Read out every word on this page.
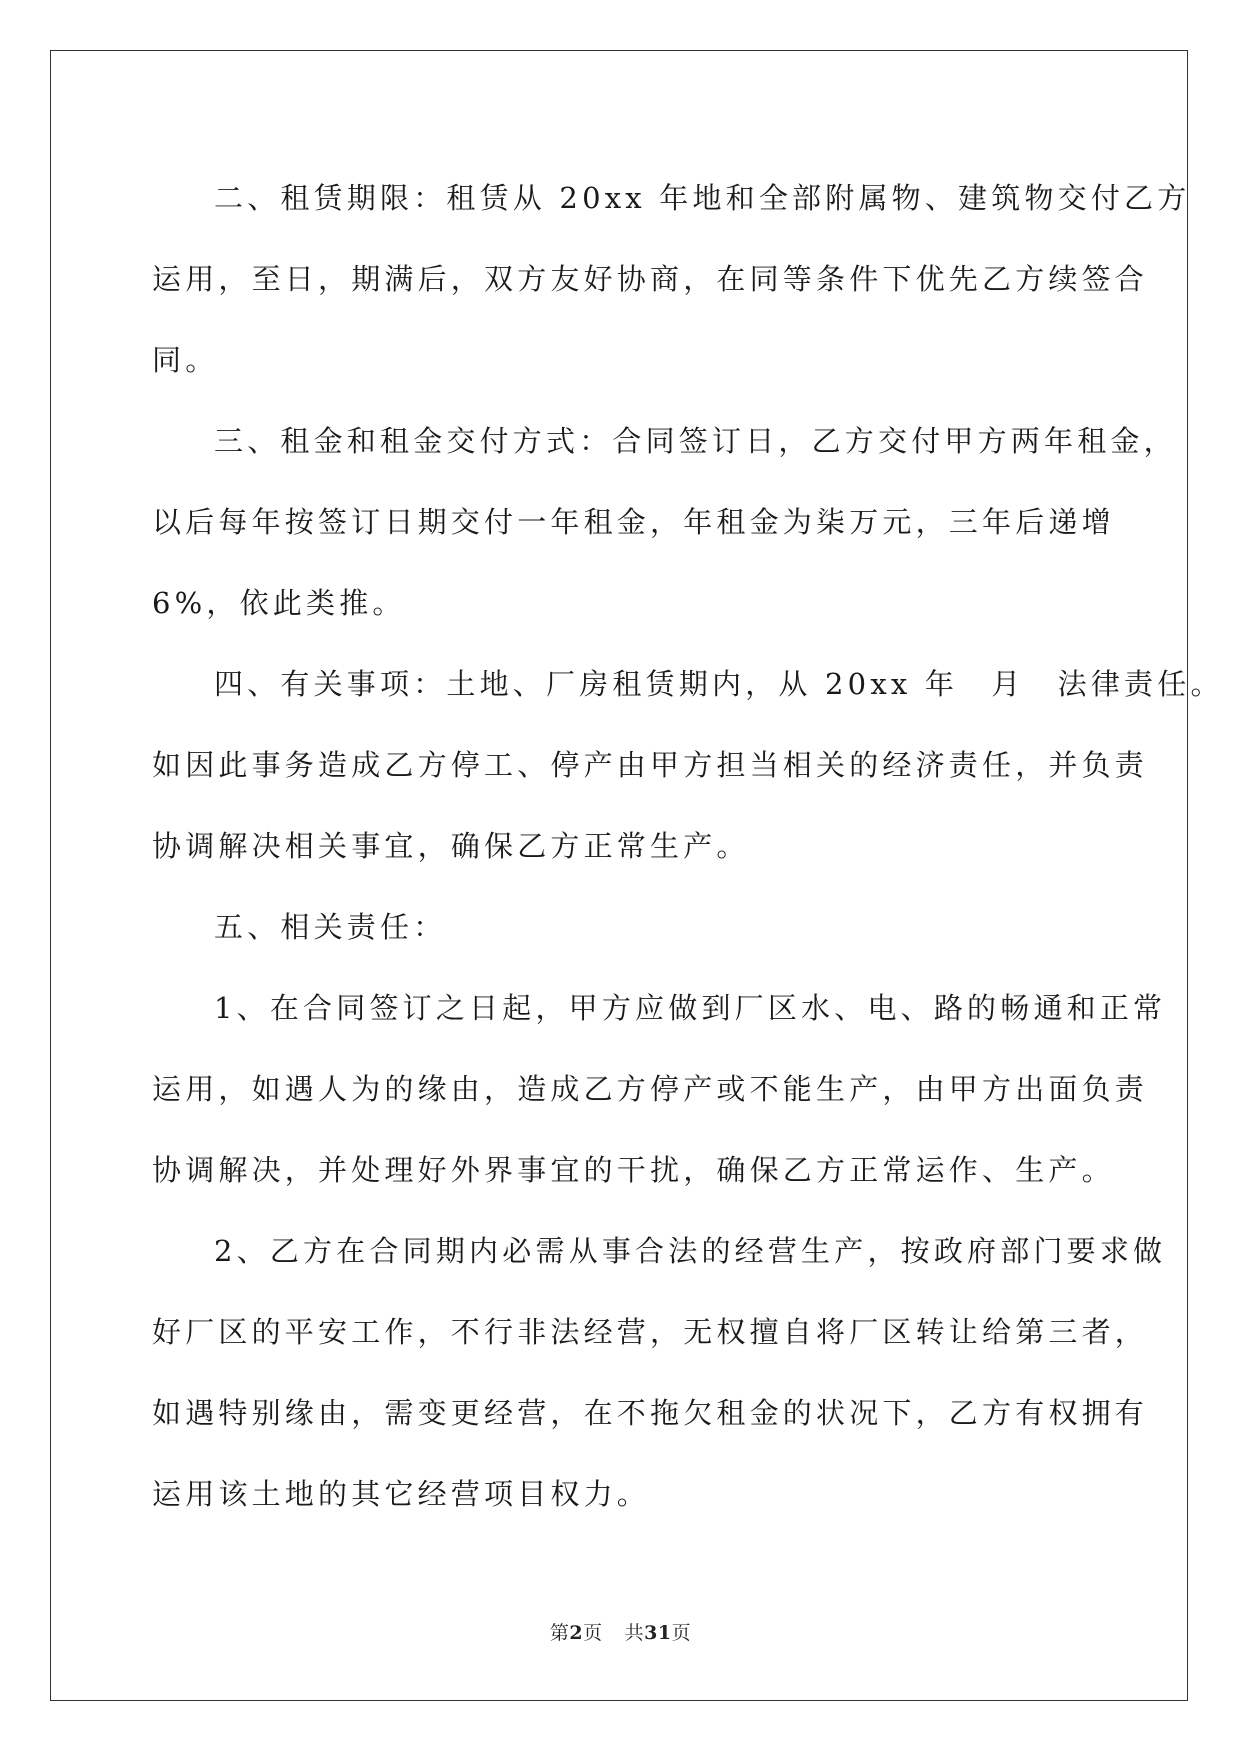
二、租赁期限：租赁从 20xx 年地和全部附属物、建筑物交付乙方
运用，至日，期满后，双方友好协商，在同等条件下优先乙方续签合
同。

三、租金和租金交付方式：合同签订日，乙方交付甲方两年租金，
以后每年按签订日期交付一年租金，年租金为柒万元，三年后递增
6%，依此类推。

四、有关事项：土地、厂房租赁期内，从 20xx 年　月　法律责任。
如因此事务造成乙方停工、停产由甲方担当相关的经济责任，并负责
协调解决相关事宜，确保乙方正常生产。

五、相关责任：

1、在合同签订之日起，甲方应做到厂区水、电、路的畅通和正常
运用，如遇人为的缘由，造成乙方停产或不能生产，由甲方出面负责
协调解决，并处理好外界事宜的干扰，确保乙方正常运作、生产。

2、乙方在合同期内必需从事合法的经营生产，按政府部门要求做
好厂区的平安工作，不行非法经营，无权擅自将厂区转让给第三者，
如遇特别缘由，需变更经营，在不拖欠租金的状况下，乙方有权拥有
运用该土地的其它经营项目权力。

第2页 共31页
